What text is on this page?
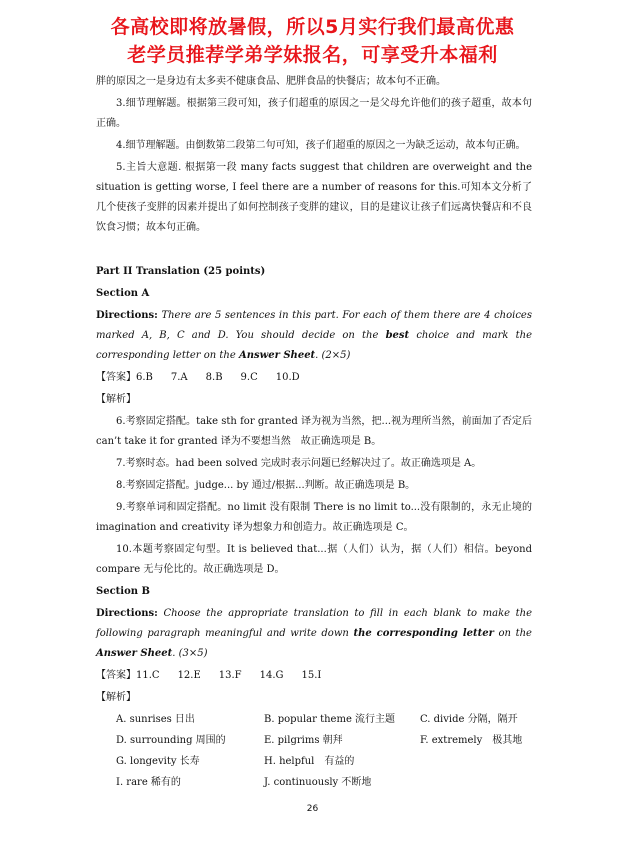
各高校即将放暑假，所以5月实行我们最高优惠
老学员推荐学弟学妹报名，可享受升本福利

胖的原因之一是身边有太多卖不健康食品、肥胖食品的快餐店；故本句不正确。

3.细节理解题。根据第三段可知，孩子们超重的原因之一是父母允许他们的孩子超重，故本句正确。

4.细节理解题。由倒数第二段第二句可知，孩子们超重的原因之一为缺乏运动，故本句正确。

5.主旨大意题. 根据第一段 many facts suggest that children are overweight and the situation is getting worse, I feel there are a number of reasons for this.可知本文分析了几个使孩子变胖的因素并提出了如何控制孩子变胖的建议，目的是建议让孩子们远离快餐店和不良饮食习惯；故本句正确。

Part II Translation (25 points)

Section A

Directions: There are 5 sentences in this part. For each of them there are 4 choices marked A, B, C and D. You should decide on the best choice and mark the corresponding letter on the Answer Sheet. (2×5)

【答案】6.B 7.A 8.B 9.C 10.D

【解析】

6.考察固定搭配。take sth for granted 译为视为当然，把...视为理所当然，前面加了否定后 can’t take it for granted 译为不要想当然　故正确选项是 B。

7.考察时态。had been solved 完成时表示问题已经解决过了。故正确选项是 A。

8.考察固定搭配。judge... by 通过/根据...判断。故正确选项是 B。

9.考察单词和固定搭配。no limit 没有限制 There is no limit to...没有限制的，永无止境的 imagination and creativity 译为想象力和创造力。故正确选项是 C。

10.本题考察固定句型。It is believed that...据（人们）认为，据（人们）相信。beyond compare 无与伦比的。故正确选项是 D。

Section B

Directions: Choose the appropriate translation to fill in each blank to make the following paragraph meaningful and write down the corresponding letter on the Answer Sheet. (3×5)

【答案】11.C 12.E 13.F 14.G 15.I

【解析】

A. sunrises 日出	B. popular theme 流行主题	C. divide 分隔，隔开
D. surrounding 周围的	E. pilgrims 朝拜	F. extremely　极其地
G. longevity 长寿	H. helpful　有益的
I. rare 稀有的	J. continuously 不断地
26
